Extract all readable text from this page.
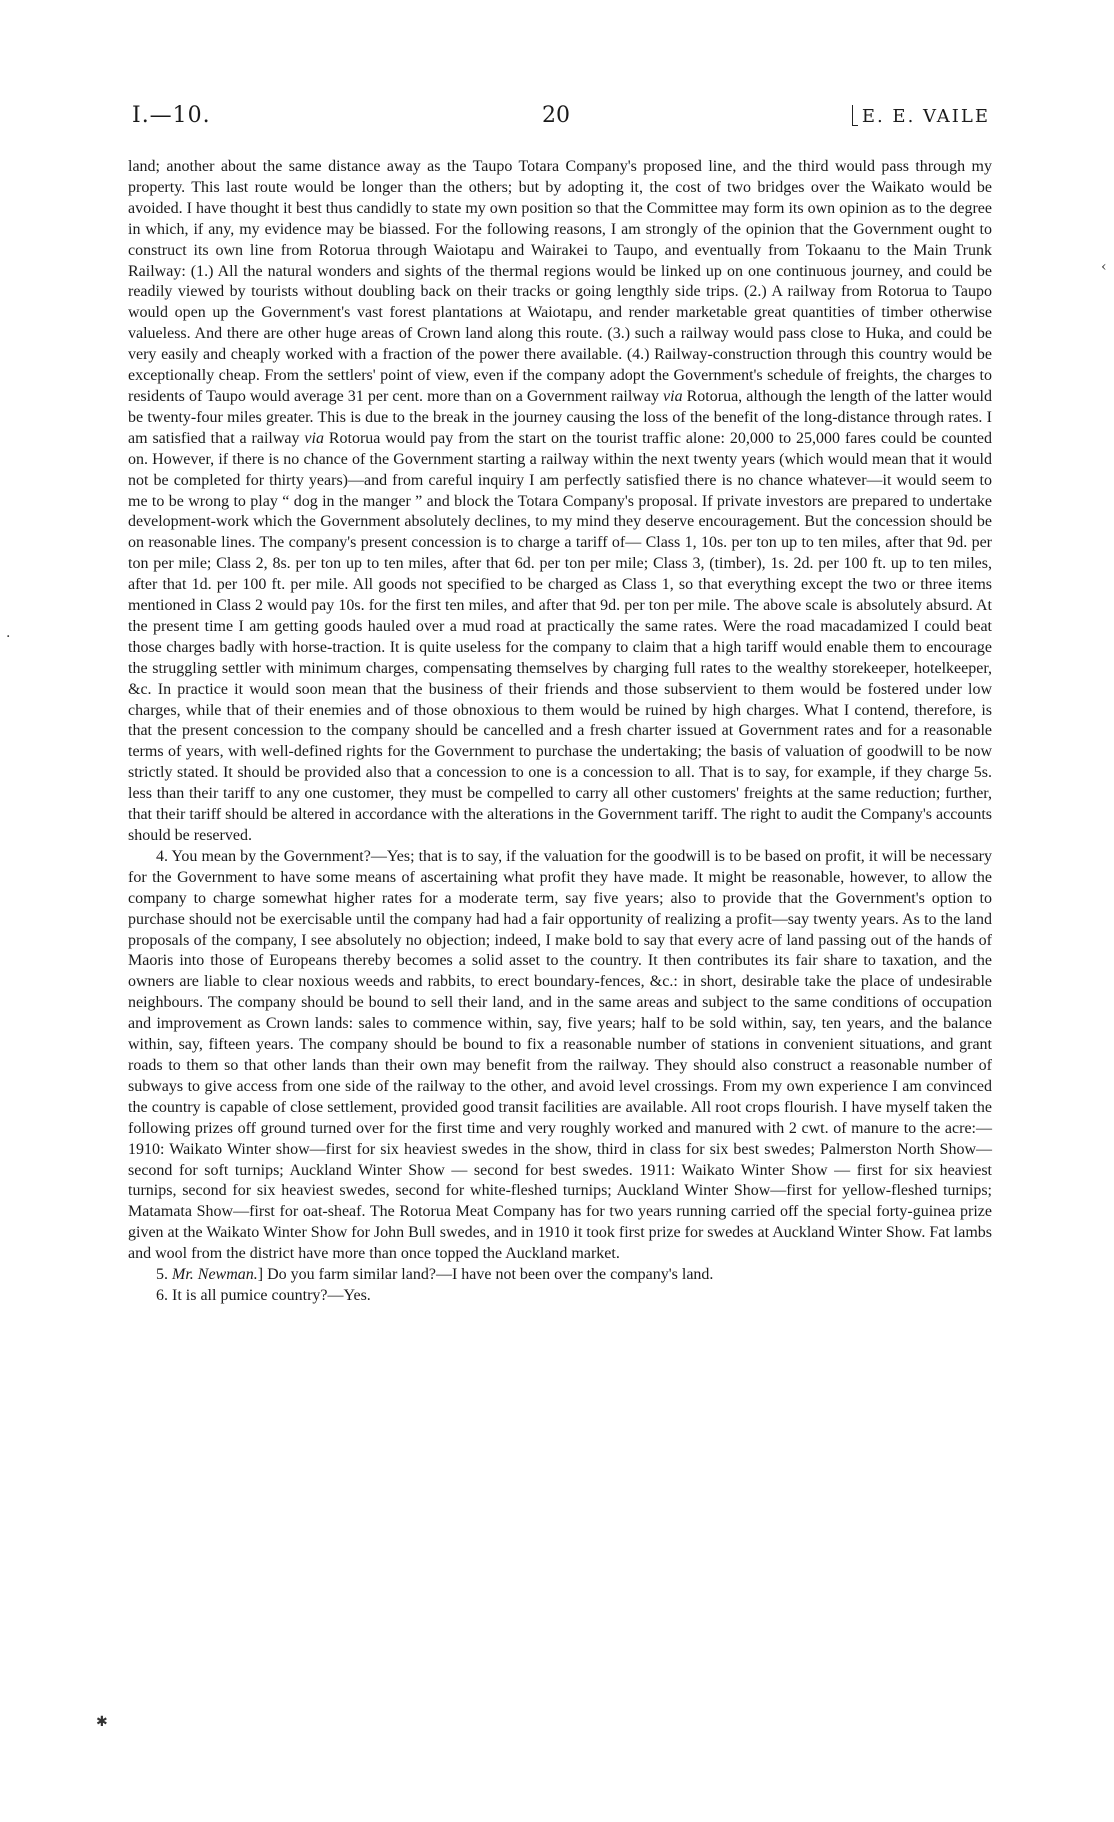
I.—10.	20	E. E. VAILE

land; another about the same distance away as the Taupo Totara Company's proposed line, and the third would pass through my property. This last route would be longer than the others; but by adopting it, the cost of two bridges over the Waikato would be avoided. I have thought it best thus candidly to state my own position so that the Committee may form its own opinion as to the degree in which, if any, my evidence may be biassed. For the following reasons, I am strongly of the opinion that the Government ought to construct its own line from Rotorua through Waiotapu and Wairakei to Taupo, and eventually from Tokaanu to the Main Trunk Railway: (1.) All the natural wonders and sights of the thermal regions would be linked up on one continuous journey, and could be readily viewed by tourists without doubling back on their tracks or going lengthly side trips. (2.) A railway from Rotorua to Taupo would open up the Government's vast forest plantations at Waiotapu, and render marketable great quantities of timber otherwise valueless. And there are other huge areas of Crown land along this route. (3.) such a railway would pass close to Huka, and could be very easily and cheaply worked with a fraction of the power there available. (4.) Railway-construction through this country would be exceptionally cheap. From the settlers' point of view, even if the company adopt the Government's schedule of freights, the charges to residents of Taupo would average 31 per cent. more than on a Government railway via Rotorua, although the length of the latter would be twenty-four miles greater. This is due to the break in the journey causing the loss of the benefit of the long-distance through rates. I am satisfied that a railway via Rotorua would pay from the start on the tourist traffic alone: 20,000 to 25,000 fares could be counted on. However, if there is no chance of the Government starting a railway within the next twenty years (which would mean that it would not be completed for thirty years)—and from careful inquiry I am perfectly satisfied there is no chance whatever—it would seem to me to be wrong to play “ dog in the manger ” and block the Totara Company's proposal. If private investors are prepared to undertake development-work which the Government absolutely declines, to my mind they deserve encouragement. But the concession should be on reasonable lines. The company's present concession is to charge a tariff of— Class 1, 10s. per ton up to ten miles, after that 9d. per ton per mile; Class 2, 8s. per ton up to ten miles, after that 6d. per ton per mile; Class 3, (timber), 1s. 2d. per 100 ft. up to ten miles, after that 1d. per 100 ft. per mile. All goods not specified to be charged as Class 1, so that everything except the two or three items mentioned in Class 2 would pay 10s. for the first ten miles, and after that 9d. per ton per mile. The above scale is absolutely absurd. At the present time I am getting goods hauled over a mud road at practically the same rates. Were the road macadamized I could beat those charges badly with horse-traction. It is quite useless for the company to claim that a high tariff would enable them to encourage the struggling settler with minimum charges, compensating themselves by charging full rates to the wealthy storekeeper, hotelkeeper, &c. In practice it would soon mean that the business of their friends and those subservient to them would be fostered under low charges, while that of their enemies and of those obnoxious to them would be ruined by high charges. What I contend, therefore, is that the present concession to the company should be cancelled and a fresh charter issued at Government rates and for a reasonable terms of years, with well-defined rights for the Government to purchase the undertaking; the basis of valuation of goodwill to be now strictly stated. It should be provided also that a concession to one is a concession to all. That is to say, for example, if they charge 5s. less than their tariff to any one customer, they must be compelled to carry all other customers' freights at the same reduction; further, that their tariff should be altered in accordance with the alterations in the Government tariff. The right to audit the Company's accounts should be reserved.

4. You mean by the Government?—Yes; that is to say, if the valuation for the goodwill is to be based on profit, it will be necessary for the Government to have some means of ascertaining what profit they have made. It might be reasonable, however, to allow the company to charge somewhat higher rates for a moderate term, say five years; also to provide that the Government's option to purchase should not be exercisable until the company had had a fair opportunity of realizing a profit—say twenty years. As to the land proposals of the company, I see absolutely no objection; indeed, I make bold to say that every acre of land passing out of the hands of Maoris into those of Europeans thereby becomes a solid asset to the country. It then contributes its fair share to taxation, and the owners are liable to clear noxious weeds and rabbits, to erect boundary-fences, &c.: in short, desirable take the place of undesirable neighbours. The company should be bound to sell their land, and in the same areas and subject to the same conditions of occupation and improvement as Crown lands: sales to commence within, say, five years; half to be sold within, say, ten years, and the balance within, say, fifteen years. The company should be bound to fix a reasonable number of stations in convenient situations, and grant roads to them so that other lands than their own may benefit from the railway. They should also construct a reasonable number of subways to give access from one side of the railway to the other, and avoid level crossings. From my own experience I am convinced the country is capable of close settlement, provided good transit facilities are available. All root crops flourish. I have myself taken the following prizes off ground turned over for the first time and very roughly worked and manured with 2 cwt. of manure to the acre:—1910: Waikato Winter show—first for six heaviest swedes in the show, third in class for six best swedes; Palmerston North Show—second for soft turnips; Auckland Winter Show — second for best swedes. 1911: Waikato Winter Show — first for six heaviest turnips, second for six heaviest swedes, second for white-fleshed turnips; Auckland Winter Show—first for yellow-fleshed turnips; Matamata Show—first for oat-sheaf. The Rotorua Meat Company has for two years running carried off the special forty-guinea prize given at the Waikato Winter Show for John Bull swedes, and in 1910 it took first prize for swedes at Auckland Winter Show. Fat lambs and wool from the district have more than once topped the Auckland market.

5. Mr. Newman.] Do you farm similar land?—I have not been over the company's land.

6. It is all pumice country?—Yes.

‹
·
✱
